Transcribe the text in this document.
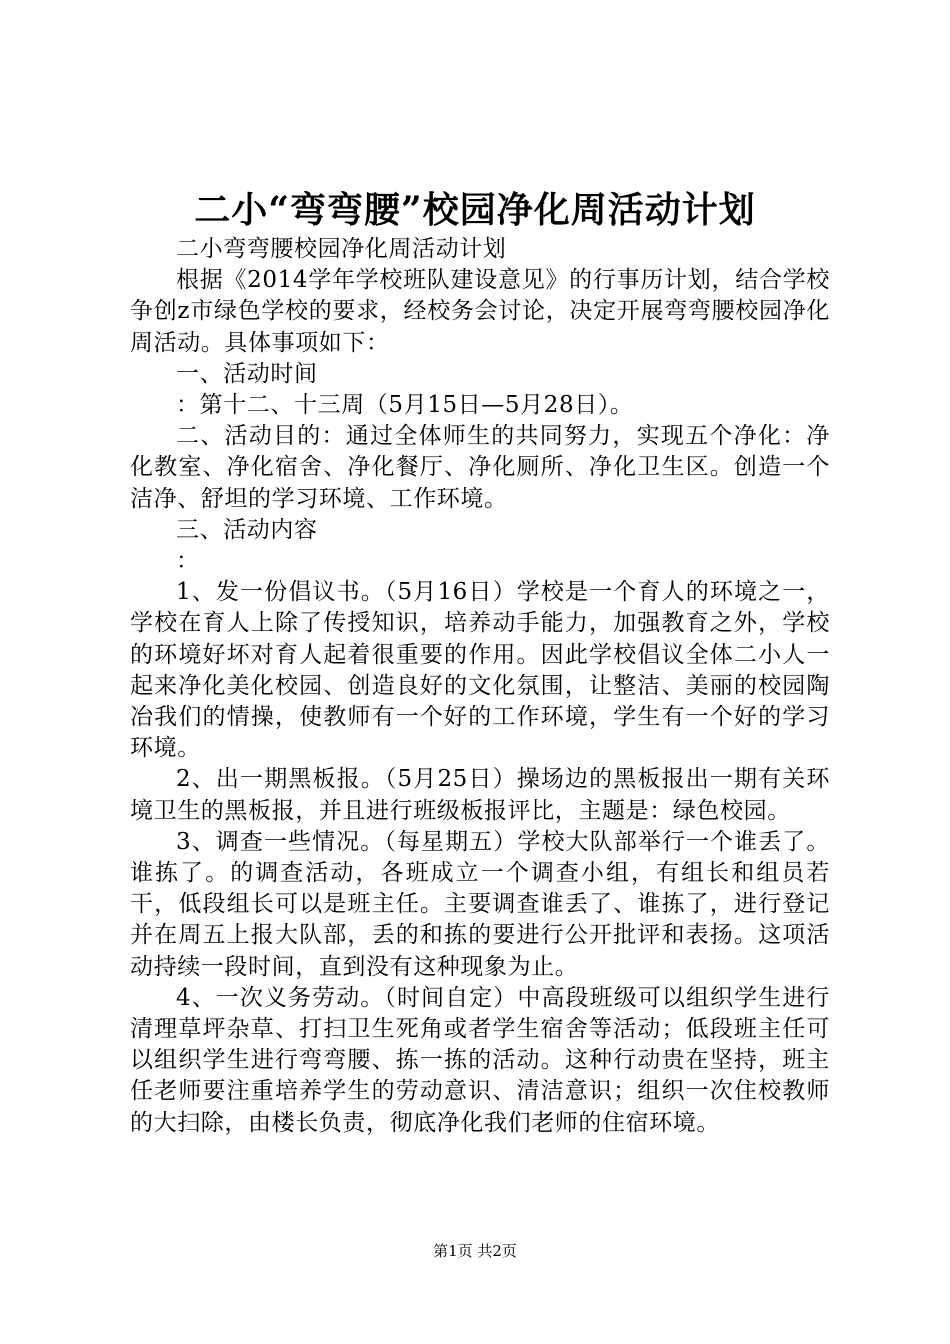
二小“弯弯腰”校园净化周活动计划

二小弯弯腰校园净化周活动计划

根据《2014学年学校班队建设意见》的行事历计划，结合学校争创z市绿色学校的要求，经校务会讨论，决定开展弯弯腰校园净化周活动。具体事项如下：

一、活动时间

：第十二、十三周（5月15日—5月28日）。

二、活动目的：通过全体师生的共同努力，实现五个净化：净化教室、净化宿舍、净化餐厅、净化厕所、净化卫生区。创造一个洁净、舒坦的学习环境、工作环境。

三、活动内容

：

1、发一份倡议书。（5月16日）学校是一个育人的环境之一，学校在育人上除了传授知识，培养动手能力，加强教育之外，学校的环境好坏对育人起着很重要的作用。因此学校倡议全体二小人一起来净化美化校园、创造良好的文化氛围，让整洁、美丽的校园陶冶我们的情操，使教师有一个好的工作环境，学生有一个好的学习环境。

2、出一期黑板报。（5月25日）操场边的黑板报出一期有关环境卫生的黑板报，并且进行班级板报评比，主题是：绿色校园。

3、调查一些情况。（每星期五）学校大队部举行一个谁丢了。谁拣了。的调查活动，各班成立一个调查小组，有组长和组员若干，低段组长可以是班主任。主要调查谁丢了、谁拣了，进行登记并在周五上报大队部，丢的和拣的要进行公开批评和表扬。这项活动持续一段时间，直到没有这种现象为止。

4、一次义务劳动。（时间自定）中高段班级可以组织学生进行清理草坪杂草、打扫卫生死角或者学生宿舍等活动；低段班主任可以组织学生进行弯弯腰、拣一拣的活动。这种行动贵在坚持，班主任老师要注重培养学生的劳动意识、清洁意识；组织一次住校教师的大扫除，由楼长负责，彻底净化我们老师的住宿环境。

第1页 共2页
